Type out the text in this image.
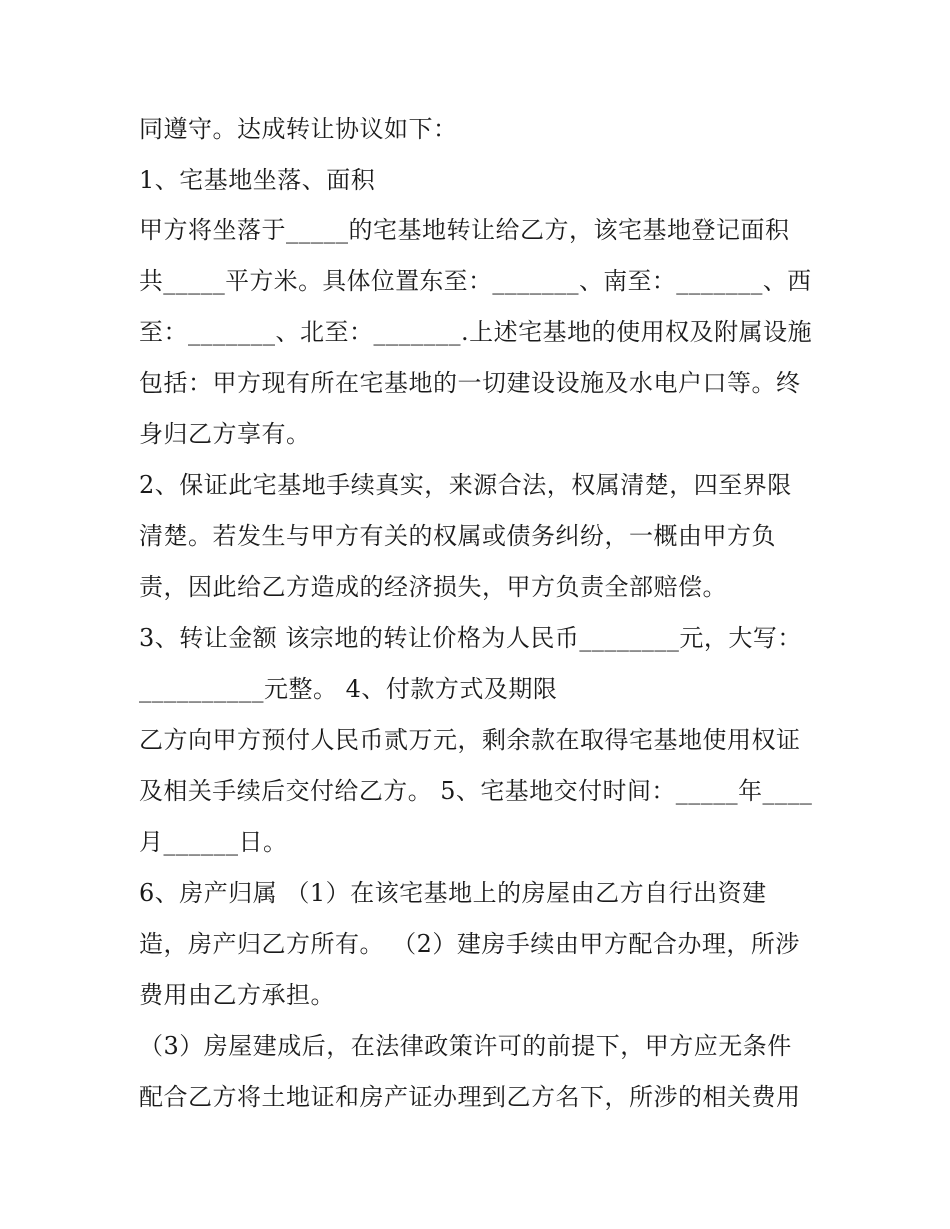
同遵守。达成转让协议如下：
1、宅基地坐落、面积
甲方将坐落于_____的宅基地转让给乙方，该宅基地登记面积
共_____平方米。具体位置东至：_______、南至：_______、西
至：_______、北至：_______.上述宅基地的使用权及附属设施
包括：甲方现有所在宅基地的一切建设设施及水电户口等。终
身归乙方享有。
2、保证此宅基地手续真实，来源合法，权属清楚，四至界限
清楚。若发生与甲方有关的权属或债务纠纷，一概由甲方负
责，因此给乙方造成的经济损失，甲方负责全部赔偿。
3、转让金额 该宗地的转让价格为人民币________元，大写：
__________元整。 4、付款方式及期限
乙方向甲方预付人民币贰万元，剩余款在取得宅基地使用权证
及相关手续后交付给乙方。 5、宅基地交付时间：_____年____
月______日。
6、房产归属 （1）在该宅基地上的房屋由乙方自行出资建
造，房产归乙方所有。 （2）建房手续由甲方配合办理，所涉
费用由乙方承担。
（3）房屋建成后，在法律政策许可的前提下，甲方应无条件
配合乙方将土地证和房产证办理到乙方名下，所涉的相关费用
